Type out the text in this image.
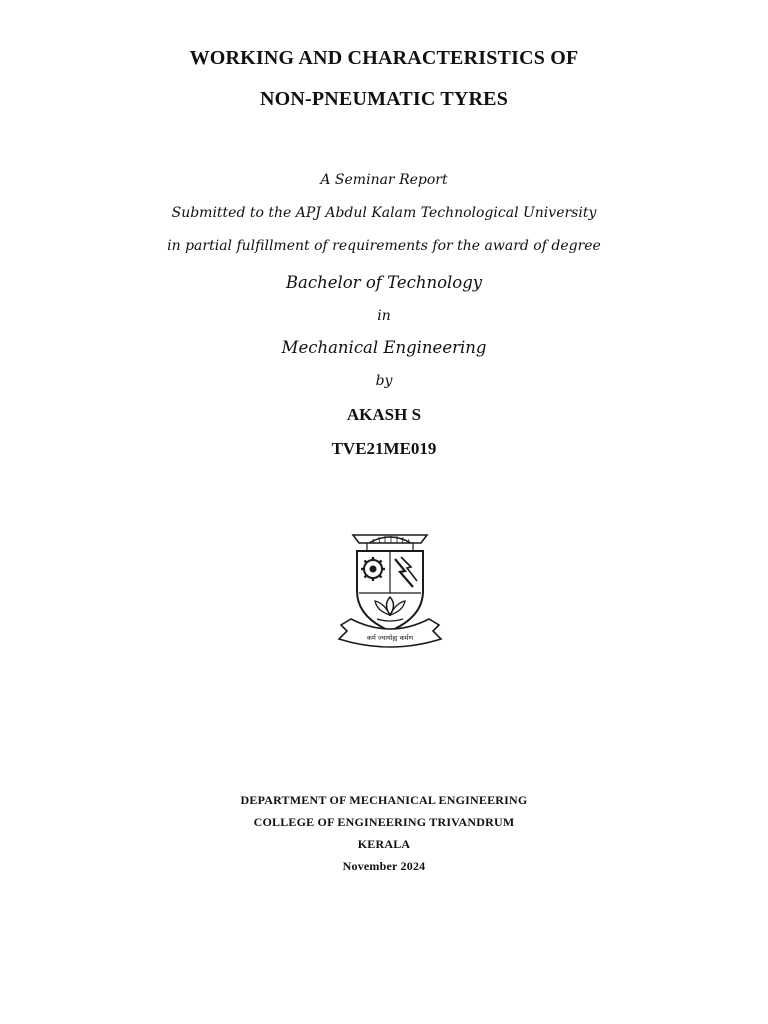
WORKING AND CHARACTERISTICS OF
NON-PNEUMATIC TYRES
A Seminar Report
Submitted to the APJ Abdul Kalam Technological University
in partial fulfillment of requirements for the award of degree
Bachelor of Technology
in
Mechanical Engineering
by
AKASH S
TVE21ME019
कर्म ज्यायोह्य कर्मण
DEPARTMENT OF MECHANICAL ENGINEERING
COLLEGE OF ENGINEERING TRIVANDRUM
KERALA
November 2024
